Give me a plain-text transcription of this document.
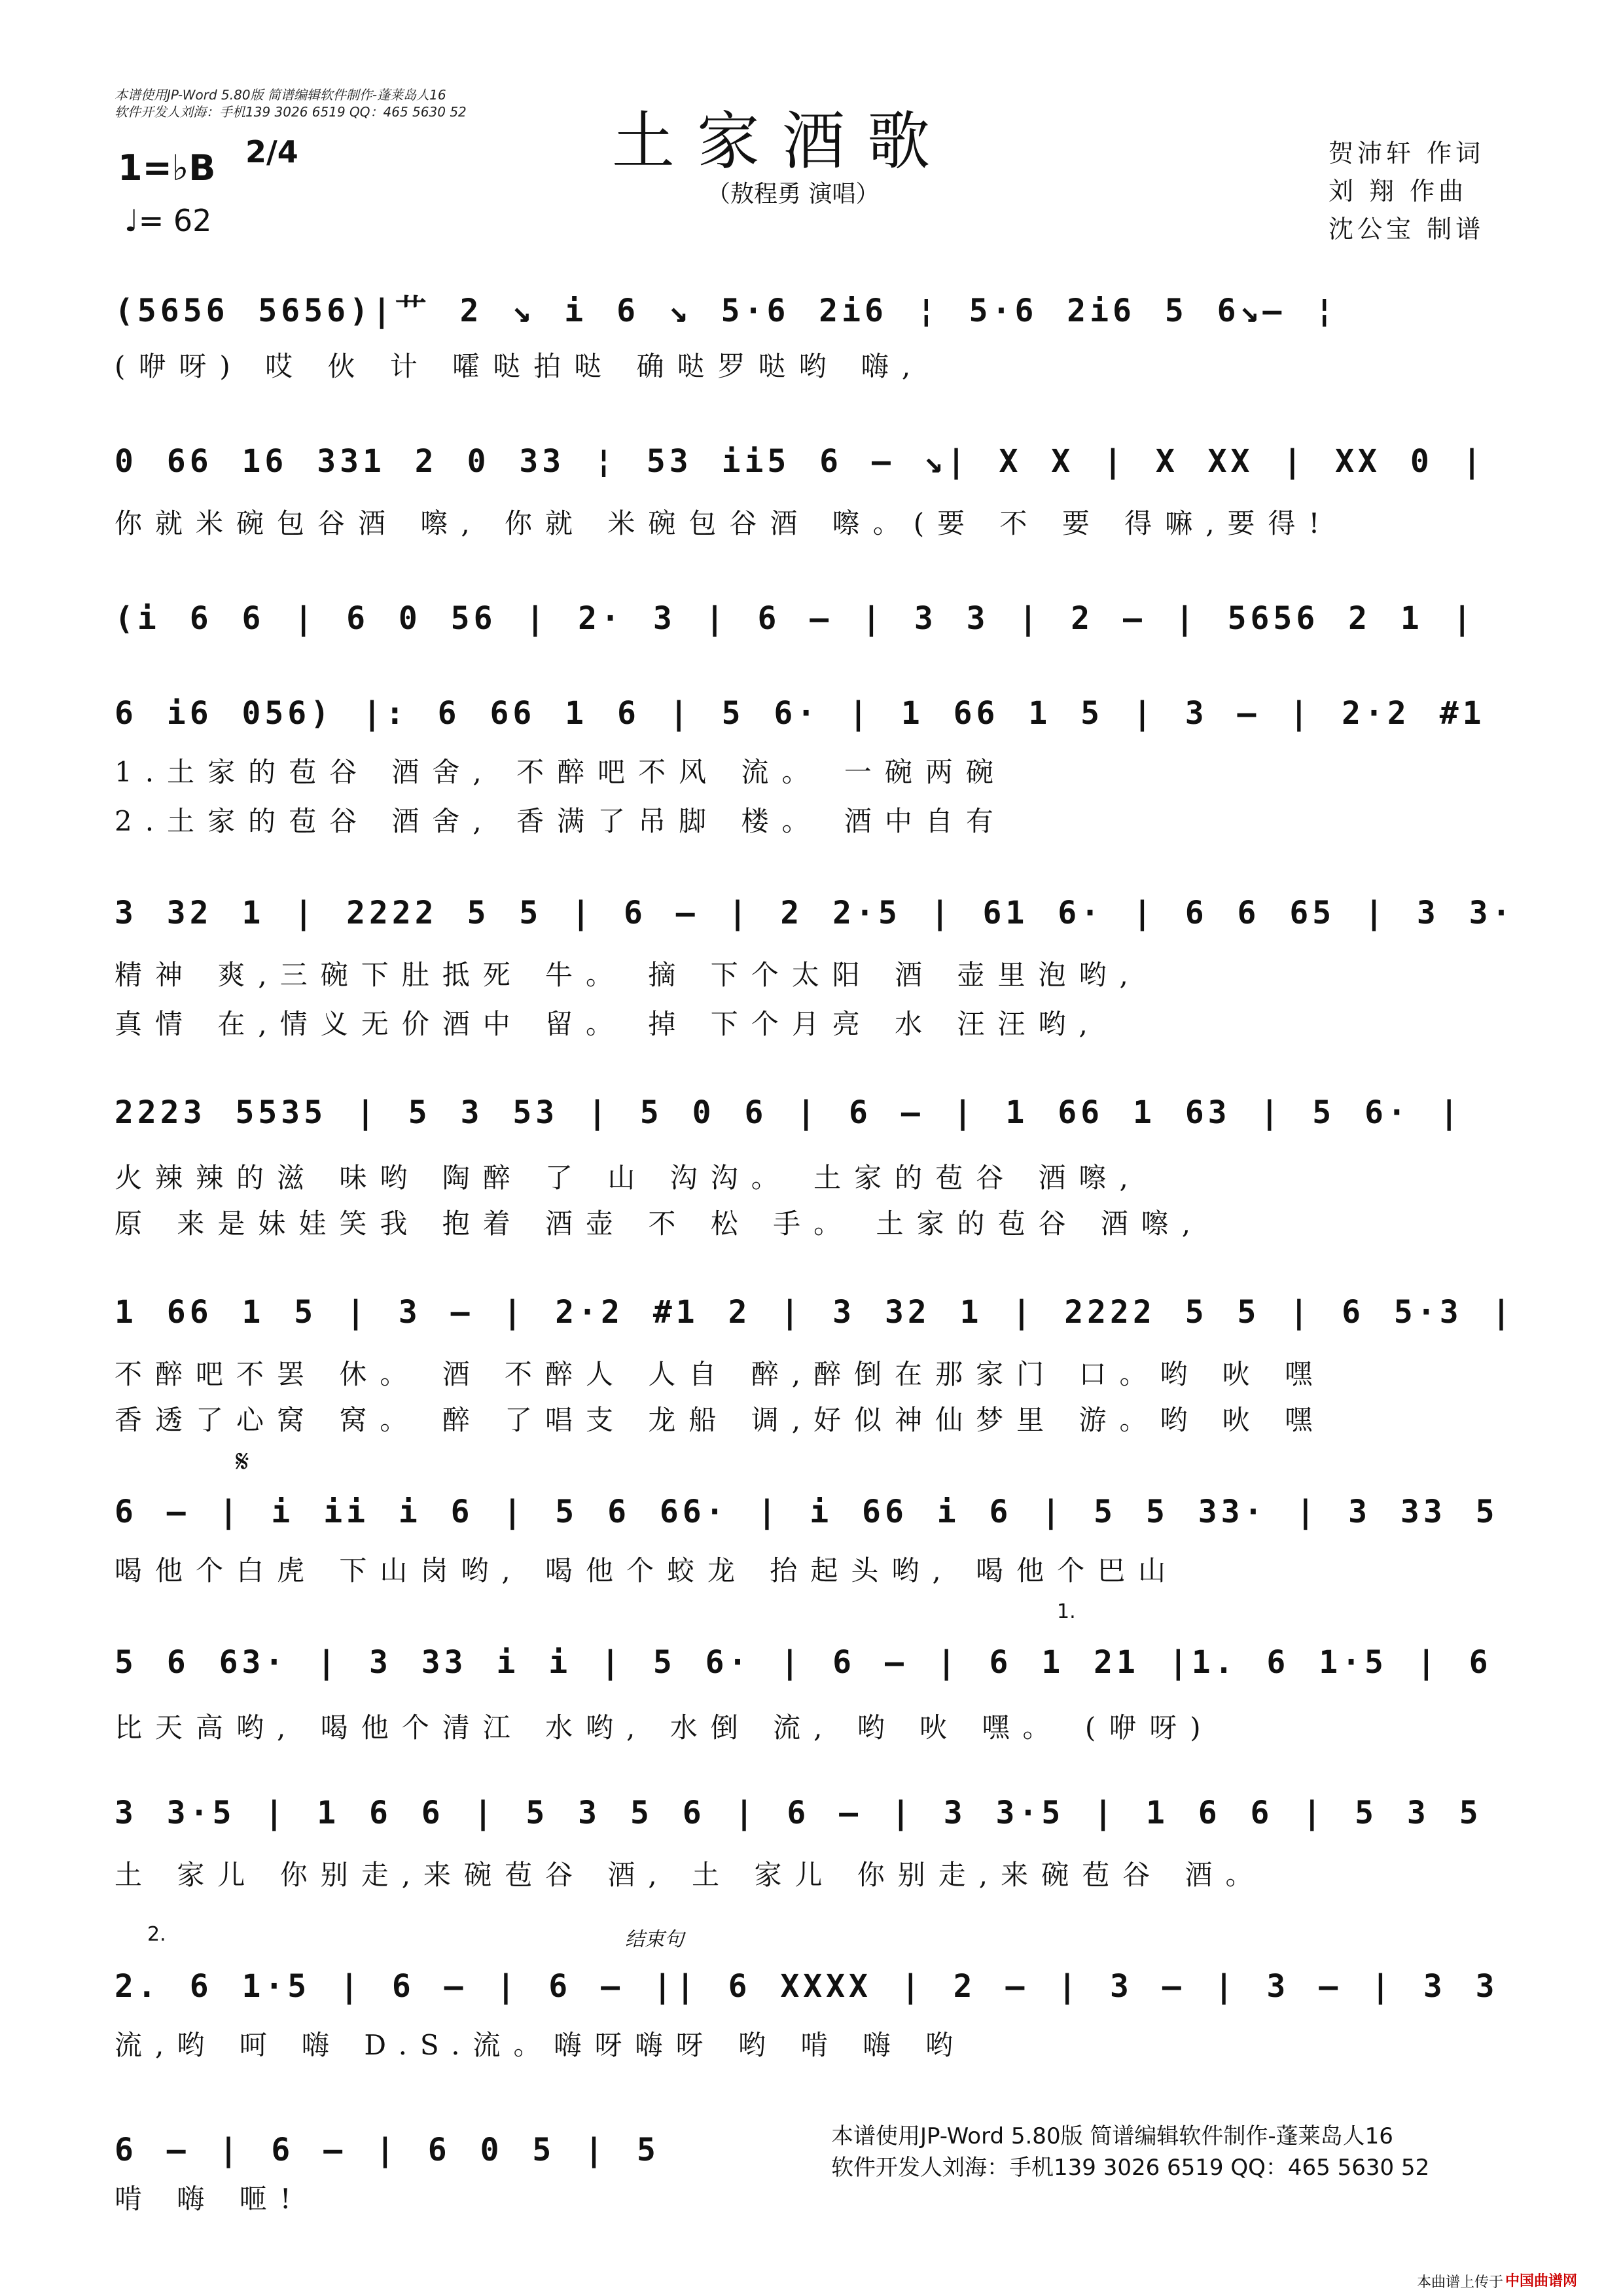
本谱使用JP-Word 5.80版 简谱编辑软件制作-蓬莱岛人16
软件开发人刘海：手机139 3026 6519 QQ：465 5630 52 土家酒歌
（敖程勇 演唱）
贺沛轩 作词
刘 翔 作曲
沈公宝 制谱
1=♭B 2/4
♩= 62
(5656 5656)|艹 2 ↘ i 6 ↘ 5·6 2i6 ¦ 5·6 2i6 5 6↘– ¦
(咿呀) 哎 伙 计 嚯哒拍哒 确哒罗哒哟 嗨,
0 66 16 331 2 0 33 ¦ 53 ii5 6 – ↘| X X | X XX | XX 0 |
你就米碗包谷酒 嚓, 你就 米碗包谷酒 嚓。(要 不 要 得嘛,要得!
(i 6 6 | 6 0 56 | 2· 3 | 6 – | 3 3 | 2 – | 5656 2 1 |
6 i6 056) |: 6 66 1 6 | 5 6· | 1 66 1 5 | 3 – | 2·2 #1
1.土家的苞谷 酒舍, 不醉吧不风 流。 一碗两碗
2.土家的苞谷 酒舍, 香满了吊脚 楼。 酒中自有
3 32 1 | 2222 5 5 | 6 – | 2 2·5 | 61 6· | 6 6 65 | 3 3·
精神 爽,三碗下肚抵死 牛。 摘 下个太阳 酒 壶里泡哟,
真情 在,情义无价酒中 留。 掉 下个月亮 水 汪汪哟,
2223 5535 | 5 3 53 | 5 0 6 | 6 – | 1 66 1 63 | 5 6· |
火辣辣的滋 味哟 陶醉 了 山 沟沟。 土家的苞谷 酒嚓,
原 来是妹娃笑我 抱着 酒壶 不 松 手。 土家的苞谷 酒嚓,
1 66 1 5 | 3 – | 2·2 #1 2 | 3 32 1 | 2222 5 5 | 6 5·3 |
不醉吧不罢 休。 酒 不醉人 人自 醉,醉倒在那家门 口。哟 吙 嘿
香透了心窝 窝。 醉 了唱支 龙船 调,好似神仙梦里 游。哟 吙 嘿
𝄋
6 – | i ii i 6 | 5 6 66· | i 66 i 6 | 5 5 33· | 3 33 5
喝他个白虎 下山岗哟, 喝他个蛟龙 抬起头哟, 喝他个巴山
1.
5 6 63· | 3 33 i i | 5 6· | 6 – | 6 1 21 |1. 6 1·5 | 6
比天高哟, 喝他个清江 水哟, 水倒 流, 哟 吙 嘿。 (咿呀)
3 3·5 | 1 6 6 | 5 3 5 6 | 6 – | 3 3·5 | 1 6 6 | 5 3 5
土 家儿 你别走,来碗苞谷 酒, 土 家儿 你别走,来碗苞谷 酒。
2.	结束句
2. 6 1·5 | 6 – | 6 – || 6 XXXX | 2 – | 3 – | 3 – | 3 3
流,哟 呵 嗨 D.S.流。嗨呀嗨呀 哟 啃 嗨 哟
6 – | 6 – | 6 0 5 | 5
啃 嗨 咂!
本谱使用JP-Word 5.80版 简谱编辑软件制作-蓬莱岛人16
软件开发人刘海：手机139 3026 6519 QQ：465 5630 52
本曲谱上传于 中国曲谱网
